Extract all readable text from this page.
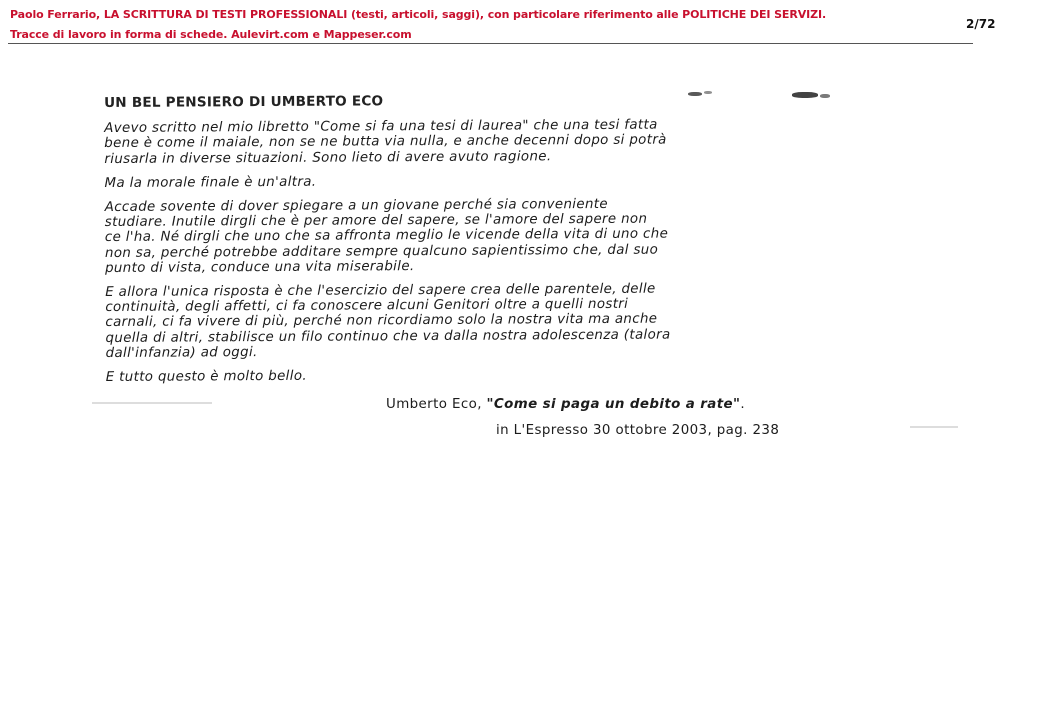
Paolo Ferrario, LA SCRITTURA DI TESTI PROFESSIONALI (testi, articoli, saggi), con particolare riferimento alle POLITICHE DEI SERVIZI.
Tracce di lavoro in forma di schede. Aulevirt.com e Mappeser.com
2/72
UN BEL PENSIERO DI UMBERTO ECO
Avevo scritto nel mio libretto "Come si fa una tesi di laurea" che una tesi fatta
bene è come il maiale, non se ne butta via nulla, e anche decenni dopo si potrà
riusarla in diverse situazioni. Sono lieto di avere avuto ragione.
Ma la morale finale è un'altra.
Accade sovente di dover spiegare a un giovane perché sia conveniente
studiare. Inutile dirgli che è per amore del sapere, se l'amore del sapere non
ce l'ha. Né dirgli che uno che sa affronta meglio le vicende della vita di uno che
non sa, perché potrebbe additare sempre qualcuno sapientissimo che, dal suo
punto di vista, conduce una vita miserabile.
E allora l'unica risposta è che l'esercizio del sapere crea delle parentele, delle
continuità, degli affetti, ci fa conoscere alcuni Genitori oltre a quelli nostri
carnali, ci fa vivere di più, perché non ricordiamo solo la nostra vita ma anche
quella di altri, stabilisce un filo continuo che va dalla nostra adolescenza (talora
dall'infanzia) ad oggi.
E tutto questo è molto bello.
Umberto Eco, "Come si paga un debito a rate".
in L'Espresso 30 ottobre 2003, pag. 238
